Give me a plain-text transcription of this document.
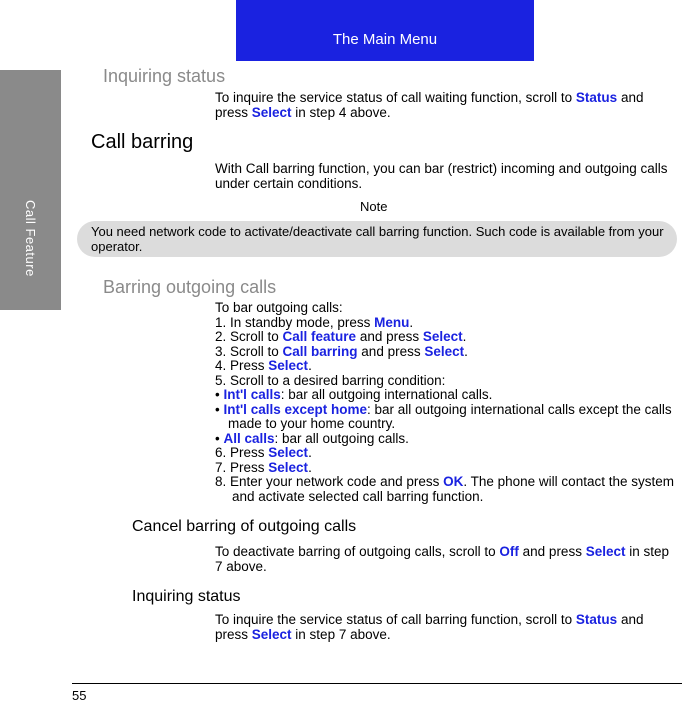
The Main Menu
Call Feature
Inquiring status
To inquire the service status of call waiting function, scroll to Status and press Select in step 4 above.
Call barring
With Call barring function, you can bar (restrict) incoming and outgoing calls under certain conditions.
Note
You need network code to activate/deactivate call barring function. Such code is available from your operator.
Barring outgoing calls
To bar outgoing calls:
1. In standby mode, press Menu.
2. Scroll to Call feature and press Select.
3. Scroll to Call barring and press Select.
4. Press Select.
5. Scroll to a desired barring condition:
• Int'l calls: bar all outgoing international calls.
• Int'l calls except home: bar all outgoing international calls except the calls made to your home country.
• All calls: bar all outgoing calls.
6. Press Select.
7. Press Select.
8. Enter your network code and press OK. The phone will contact the system and activate selected call barring function.
Cancel barring of outgoing calls
To deactivate barring of outgoing calls, scroll to Off and press Select in step 7 above.
Inquiring status
To inquire the service status of call barring function, scroll to Status and press Select in step 7 above.
55
